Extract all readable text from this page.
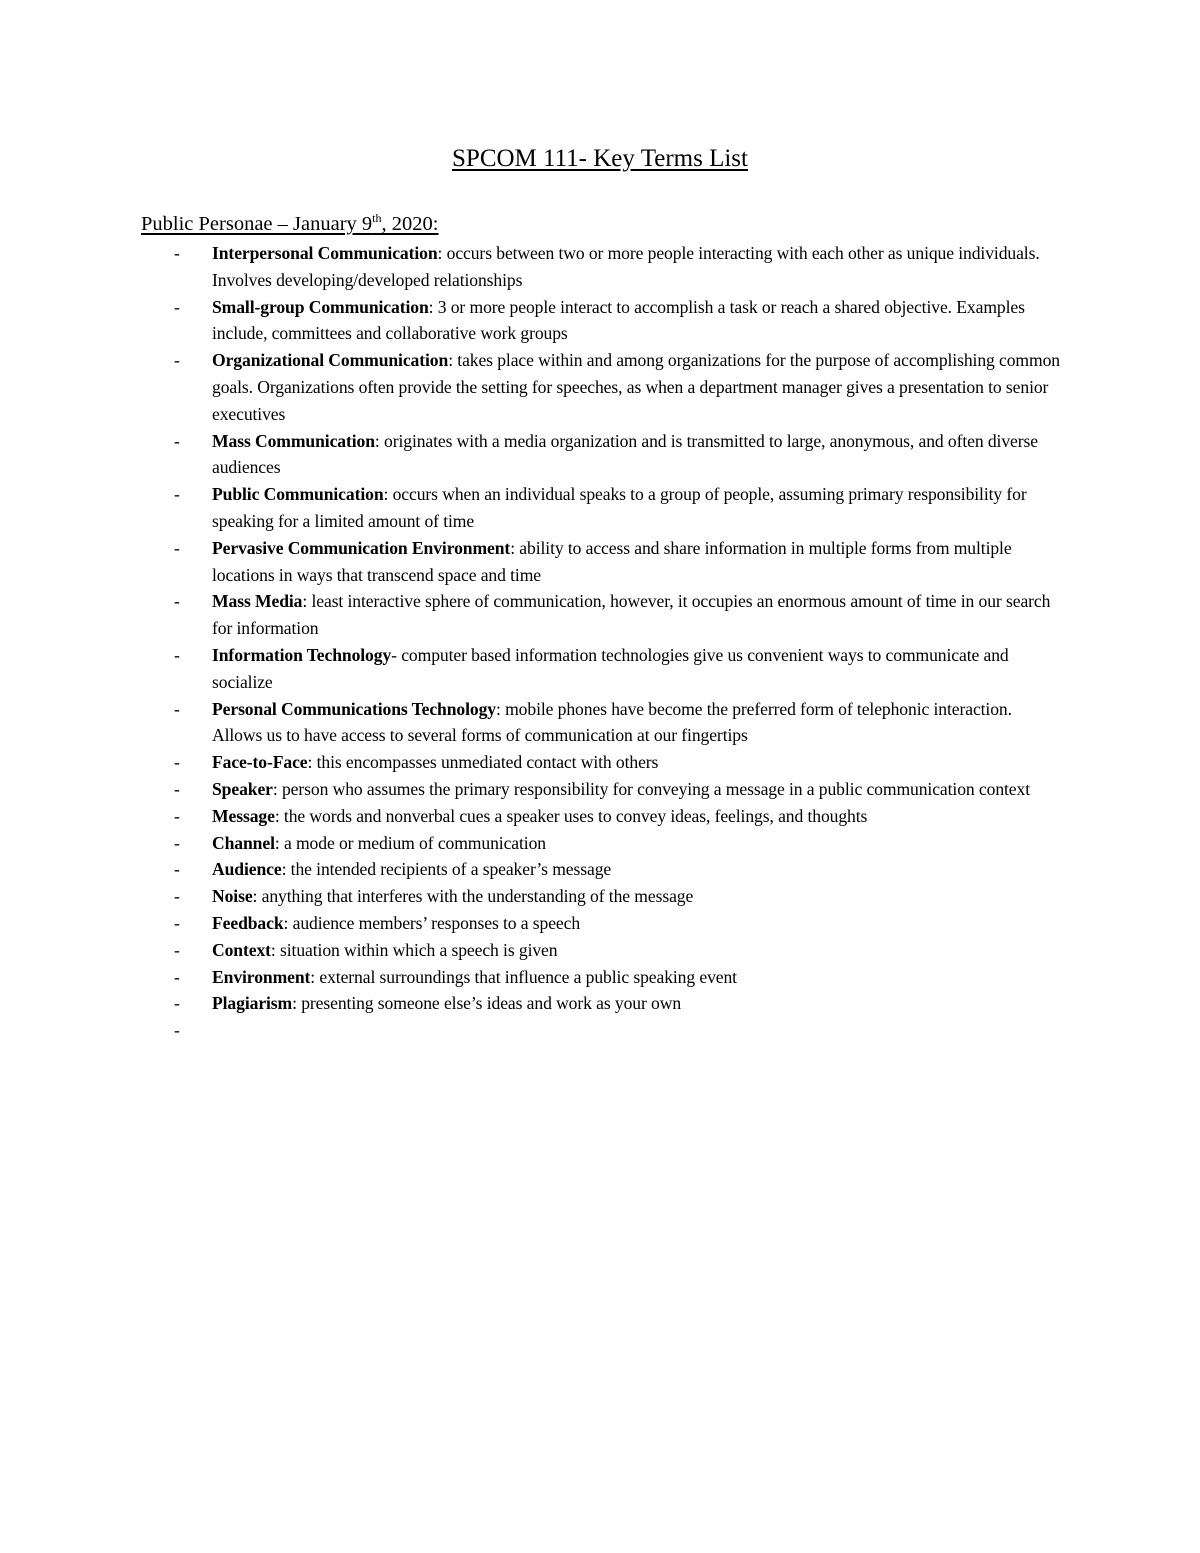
SPCOM 111- Key Terms List
Public Personae – January 9th, 2020:
- Interpersonal Communication: occurs between two or more people interacting with each other as unique individuals. Involves developing/developed relationships
- Small-group Communication: 3 or more people interact to accomplish a task or reach a shared objective. Examples include, committees and collaborative work groups
- Organizational Communication: takes place within and among organizations for the purpose of accomplishing common goals. Organizations often provide the setting for speeches, as when a department manager gives a presentation to senior executives
- Mass Communication: originates with a media organization and is transmitted to large, anonymous, and often diverse audiences
- Public Communication: occurs when an individual speaks to a group of people, assuming primary responsibility for speaking for a limited amount of time
- Pervasive Communication Environment: ability to access and share information in multiple forms from multiple locations in ways that transcend space and time
- Mass Media: least interactive sphere of communication, however, it occupies an enormous amount of time in our search for information
- Information Technology- computer based information technologies give us convenient ways to communicate and socialize
- Personal Communications Technology: mobile phones have become the preferred form of telephonic interaction. Allows us to have access to several forms of communication at our fingertips
- Face-to-Face: this encompasses unmediated contact with others
- Speaker: person who assumes the primary responsibility for conveying a message in a public communication context
- Message: the words and nonverbal cues a speaker uses to convey ideas, feelings, and thoughts
- Channel: a mode or medium of communication
- Audience: the intended recipients of a speaker’s message
- Noise: anything that interferes with the understanding of the message
- Feedback: audience members’ responses to a speech
- Context: situation within which a speech is given
- Environment: external surroundings that influence a public speaking event
- Plagiarism: presenting someone else’s ideas and work as your own
-
